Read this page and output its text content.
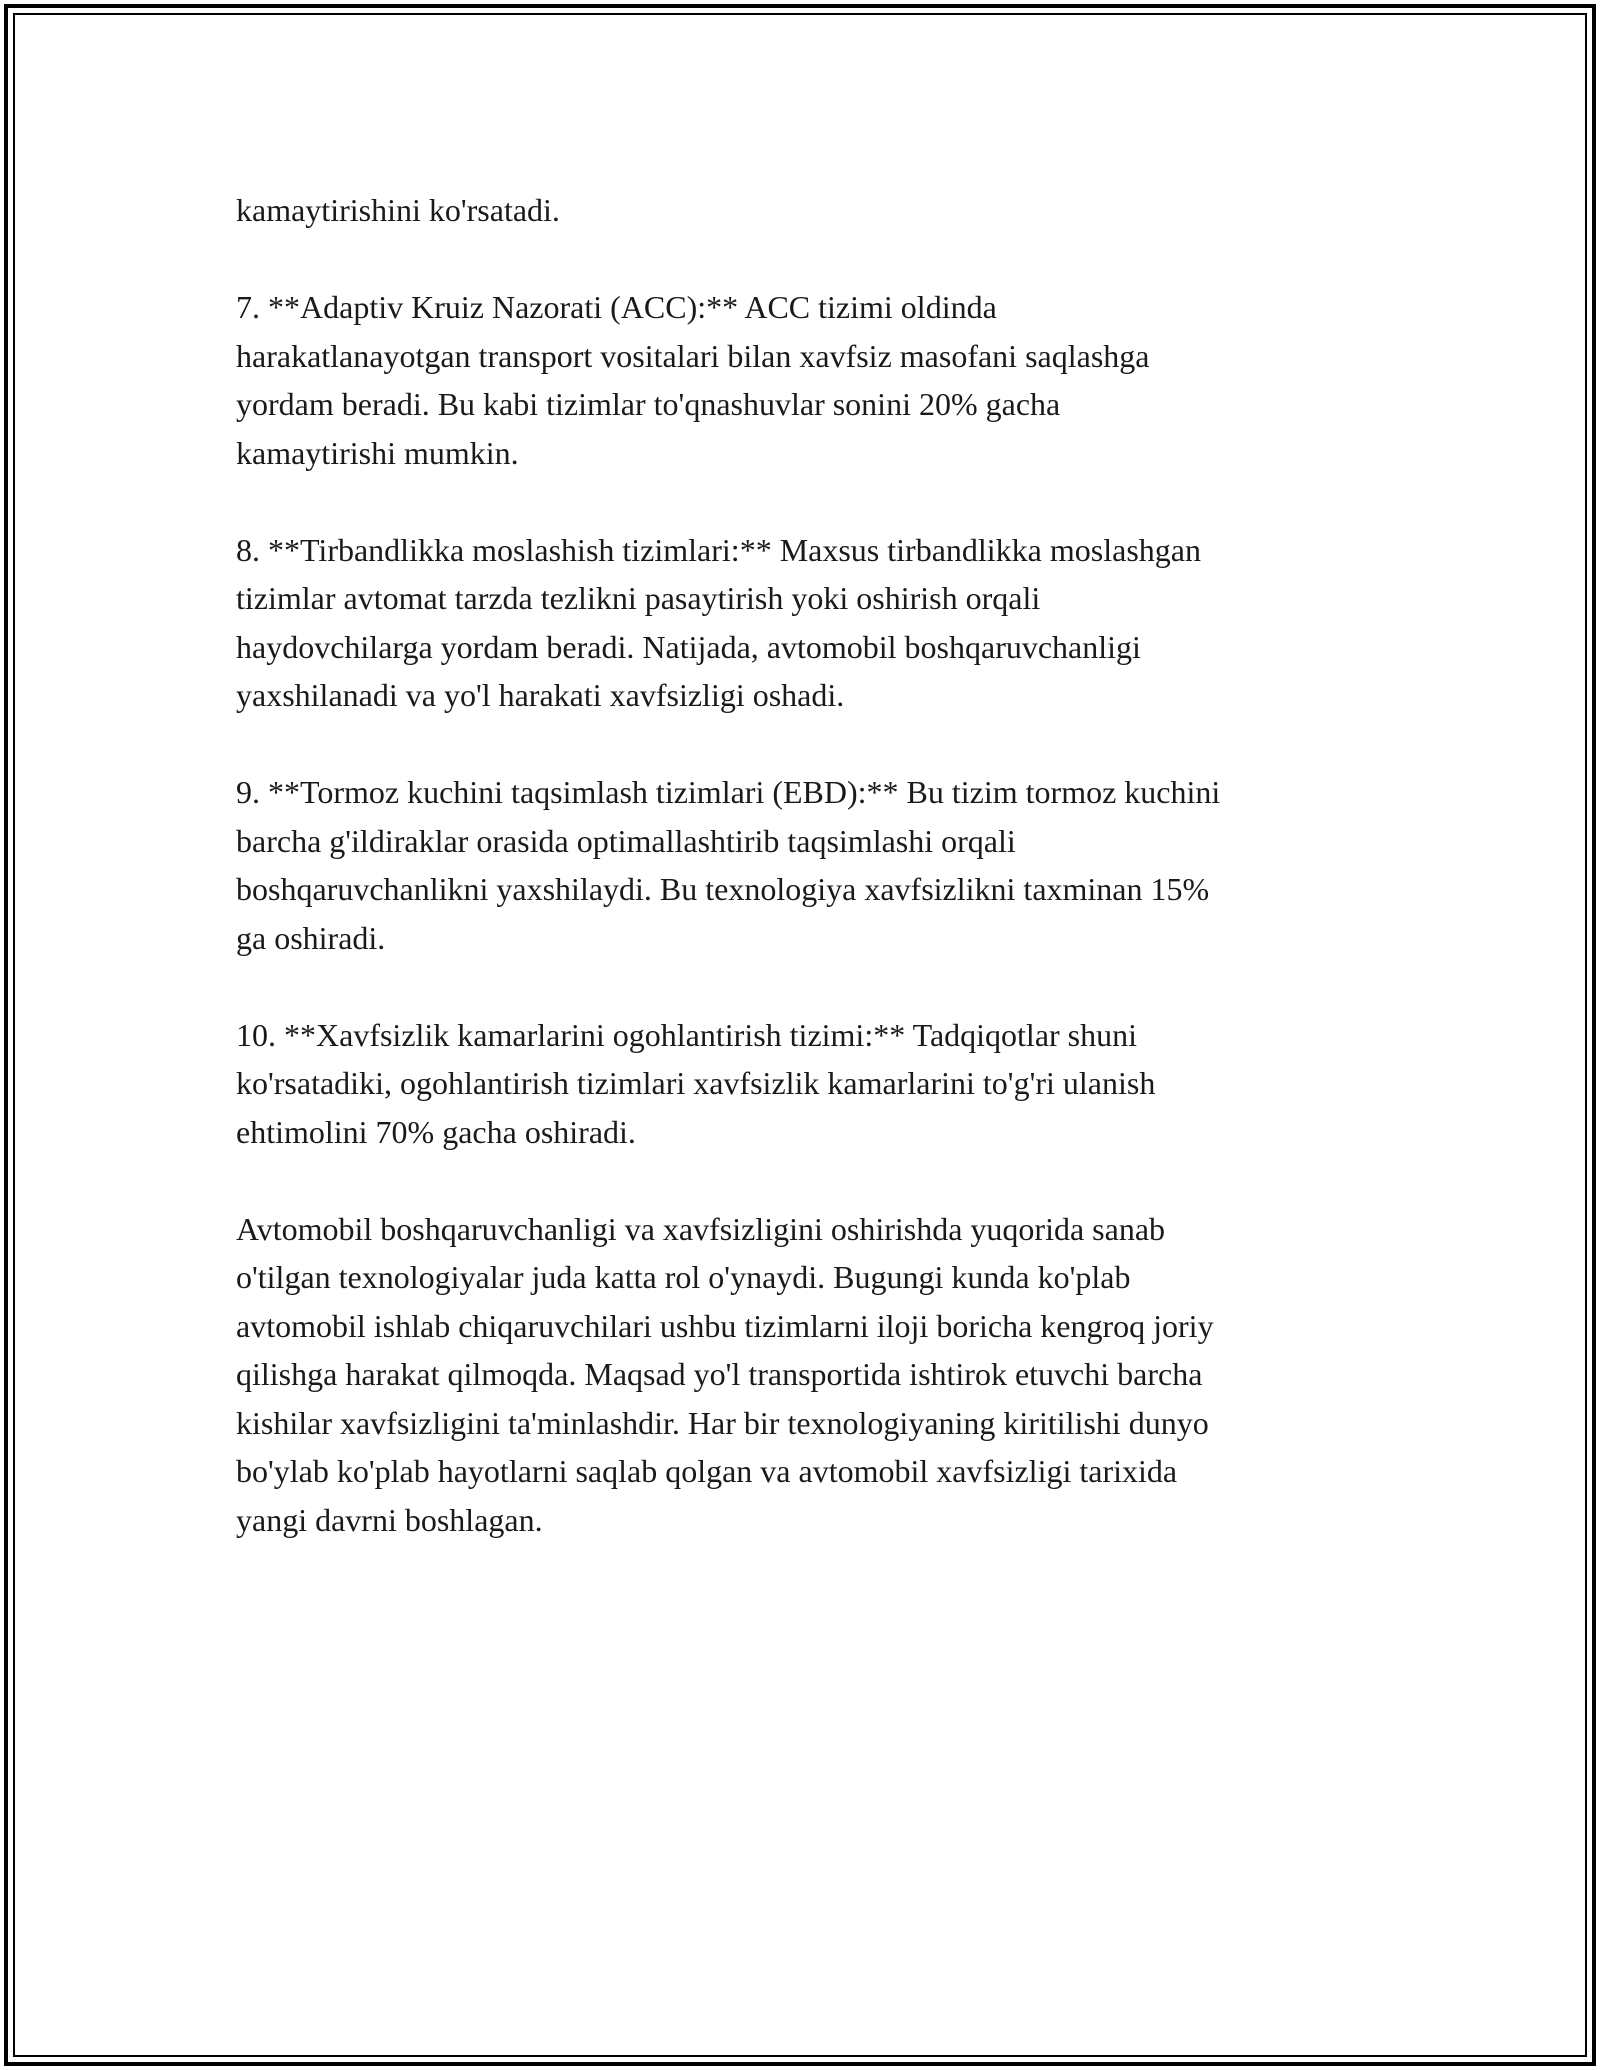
kamaytirishini ko'rsatadi.

7. **Adaptiv Kruiz Nazorati (ACC):** ACC tizimi oldinda
harakatlanayotgan transport vositalari bilan xavfsiz masofani saqlashga
yordam beradi. Bu kabi tizimlar to'qnashuvlar sonini 20% gacha
kamaytirishi mumkin.

8. **Tirbandlikka moslashish tizimlari:** Maxsus tirbandlikka moslashgan
tizimlar avtomat tarzda tezlikni pasaytirish yoki oshirish orqali
haydovchilarga yordam beradi. Natijada, avtomobil boshqaruvchanligi
yaxshilanadi va yo'l harakati xavfsizligi oshadi.

9. **Tormoz kuchini taqsimlash tizimlari (EBD):** Bu tizim tormoz kuchini
barcha g'ildiraklar orasida optimallashtirib taqsimlashi orqali
boshqaruvchanlikni yaxshilaydi. Bu texnologiya xavfsizlikni taxminan 15%
ga oshiradi.

10. **Xavfsizlik kamarlarini ogohlantirish tizimi:** Tadqiqotlar shuni
ko'rsatadiki, ogohlantirish tizimlari xavfsizlik kamarlarini to'g'ri ulanish
ehtimolini 70% gacha oshiradi.

Avtomobil boshqaruvchanligi va xavfsizligini oshirishda yuqorida sanab
o'tilgan texnologiyalar juda katta rol o'ynaydi. Bugungi kunda ko'plab
avtomobil ishlab chiqaruvchilari ushbu tizimlarni iloji boricha kengroq joriy
qilishga harakat qilmoqda. Maqsad yo'l transportida ishtirok etuvchi barcha
kishilar xavfsizligini ta'minlashdir. Har bir texnologiyaning kiritilishi dunyo
bo'ylab ko'plab hayotlarni saqlab qolgan va avtomobil xavfsizligi tarixida
yangi davrni boshlagan.
